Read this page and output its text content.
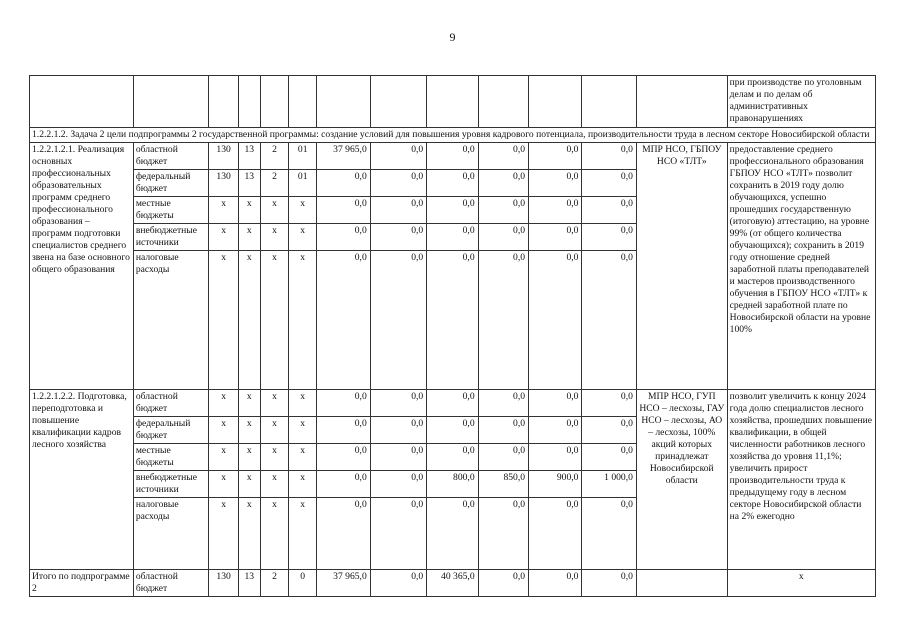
9
													при производстве по уголовным делам и по делам об административных правонарушениях
1.2.2.1.2. Задача 2 цели подпрограммы 2 государственной программы: создание условий для повышения уровня кадрового потенциала, производительности труда в лесном секторе Новосибирской области													
1.2.2.1.2.1. Реализация основных профессиональных образовательных программ среднего профессионального образования – программ подготовки специалистов среднего звена на базе основного общего образования	областной бюджет	130	13	2	01	37 965,0	0,0	0,0	0,0	0,0	0,0	МПР НСО, ГБПОУ НСО «ТЛТ»	предоставление среднего профессионального образования ГБПОУ НСО «ТЛТ» позволит сохранить в 2019 году долю обучающихся, успешно прошедших государственную (итоговую) аттестацию, на уровне 99% (от общего количества обучающихся); сохранить в 2019 году отношение средней заработной платы преподавателей и мастеров производственного обучения в ГБПОУ НСО «ТЛТ» к средней заработной плате по Новосибирской области на уровне 100%
	федеральный бюджет	130	13	2	01	0,0	0,0	0,0	0,0	0,0	0,0		
	местные бюджеты	x	x	x	x	0,0	0,0	0,0	0,0	0,0	0,0		
	внебюджетные источники	x	x	x	x	0,0	0,0	0,0	0,0	0,0	0,0		
	налоговые расходы	x	x	x	x	0,0	0,0	0,0	0,0	0,0	0,0		
1.2.2.1.2.2. Подготовка, переподготовка и повышение квалификации кадров лесного хозяйства	областной бюджет	x	x	x	x	0,0	0,0	0,0	0,0	0,0	0,0	МПР НСО, ГУП НСО – лесхозы, ГАУ НСО – лесхозы, АО – лесхозы, 100% акций которых принадлежат Новосибирской области	позволит увеличить к концу 2024 года долю специалистов лесного хозяйства, прошедших повышение квалификации, в общей численности работников лесного хозяйства до уровня 11,1%; увеличить прирост производительности труда к предыдущему году в лесном секторе Новосибирской области на 2% ежегодно
	федеральный бюджет	x	x	x	x	0,0	0,0	0,0	0,0	0,0	0,0		
	местные бюджеты	x	x	x	x	0,0	0,0	0,0	0,0	0,0	0,0		
	внебюджетные источники	x	x	x	x	0,0	0,0	800,0	850,0	900,0	1 000,0		
	налоговые расходы	x	x	x	x	0,0	0,0	0,0	0,0	0,0	0,0		
Итого по подпрограмме 2	областной бюджет	130	13	2	0	37 965,0	0,0	40 365,0	0,0	0,0	0,0		x
